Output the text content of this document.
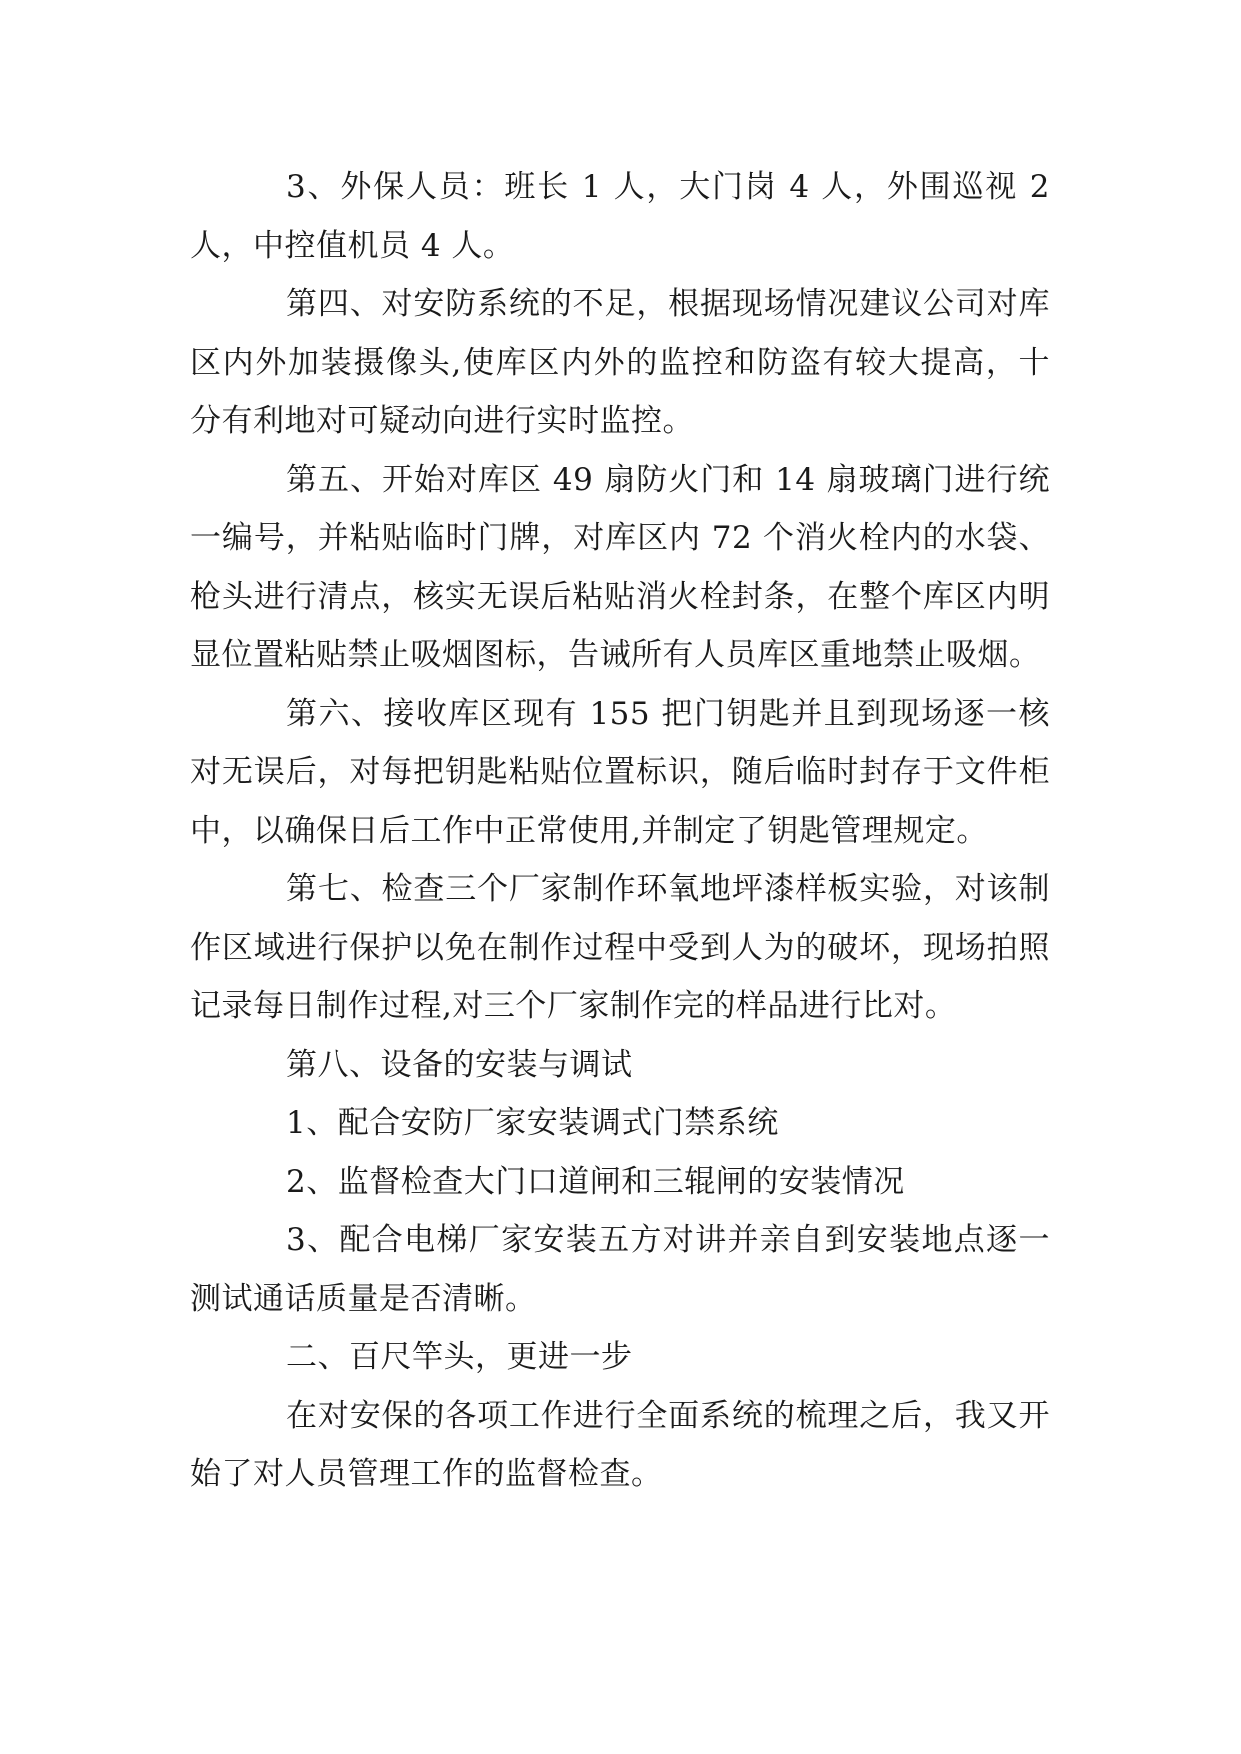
3、外保人员：班长 1 人，大门岗 4 人，外围巡视 2 人，中控值机员 4 人。

第四、对安防系统的不足，根据现场情况建议公司对库区内外加装摄像头,使库区内外的监控和防盗有较大提高，十分有利地对可疑动向进行实时监控。

第五、开始对库区 49 扇防火门和 14 扇玻璃门进行统一编号，并粘贴临时门牌，对库区内 72 个消火栓内的水袋、枪头进行清点，核实无误后粘贴消火栓封条，在整个库区内明显位置粘贴禁止吸烟图标，告诫所有人员库区重地禁止吸烟。

第六、接收库区现有 155 把门钥匙并且到现场逐一核对无误后，对每把钥匙粘贴位置标识，随后临时封存于文件柜中，以确保日后工作中正常使用,并制定了钥匙管理规定。

第七、检查三个厂家制作环氧地坪漆样板实验，对该制作区域进行保护以免在制作过程中受到人为的破坏，现场拍照记录每日制作过程,对三个厂家制作完的样品进行比对。

第八、设备的安装与调试

1、配合安防厂家安装调式门禁系统

2、监督检查大门口道闸和三辊闸的安装情况

3、配合电梯厂家安装五方对讲并亲自到安装地点逐一测试通话质量是否清晰。

二、百尺竿头，更进一步

在对安保的各项工作进行全面系统的梳理之后，我又开始了对人员管理工作的监督检查。
